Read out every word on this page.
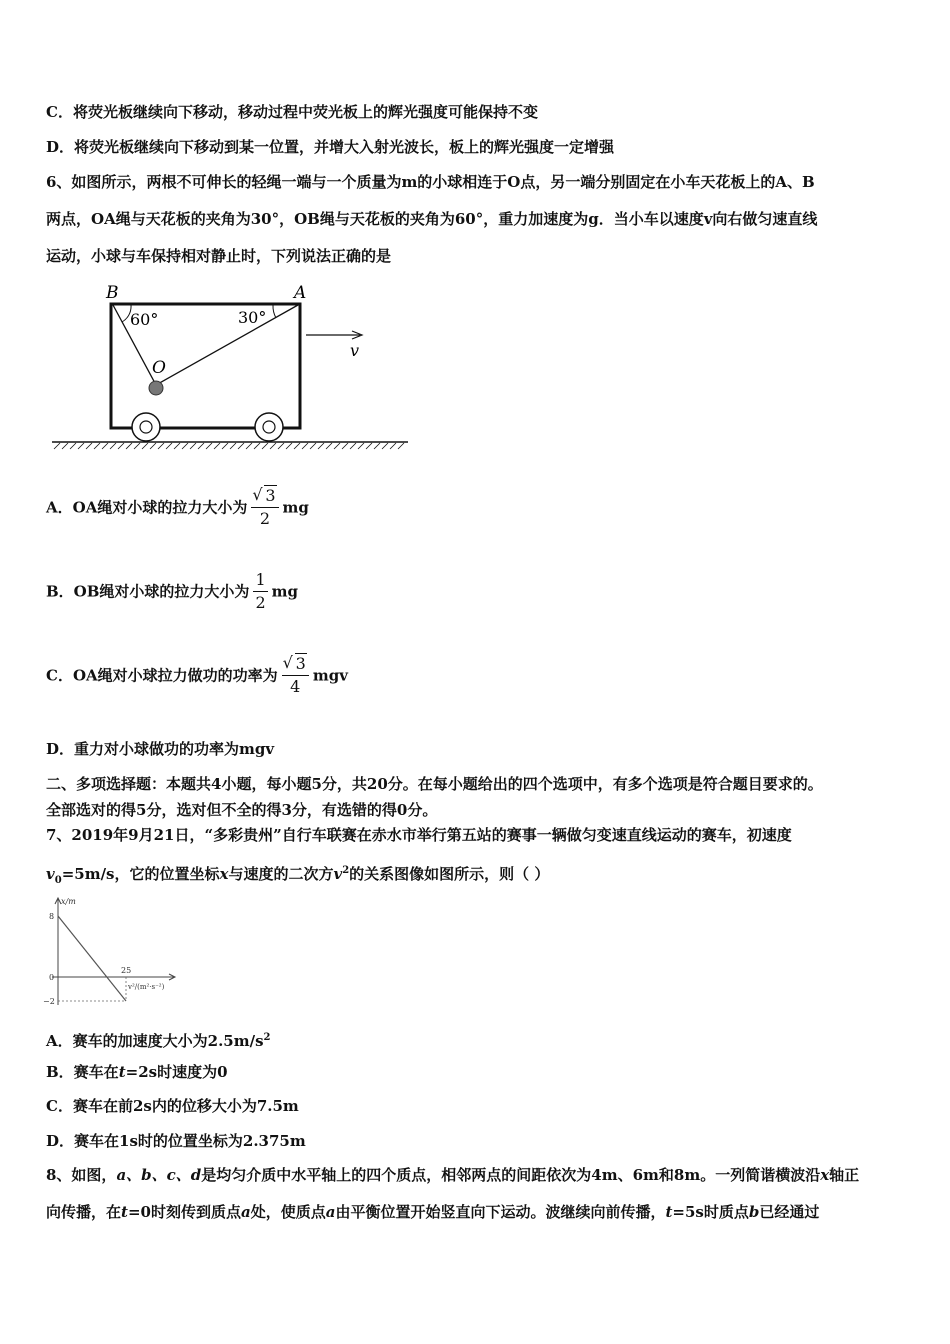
C．将荧光板继续向下移动，移动过程中荧光板上的辉光强度可能保持不变
D．将荧光板继续向下移动到某一位置，并增大入射光波长，板上的辉光强度一定增强
6、如图所示，两根不可伸长的轻绳一端与一个质量为m的小球相连于O点，另一端分别固定在小车天花板上的A、B
两点，OA绳与天花板的夹角为30°，OB绳与天花板的夹角为60°，重力加速度为g．当小车以速度v向右做匀速直线
运动，小球与车保持相对静止时，下列说法正确的是
B	A
O
60°	30°
v
A．OA绳对小球的拉力大小为 √ $\frac{3}{2}$ mg
B．OB绳对小球的拉力大小为 $\frac{1}{2}$ mg
C．OA绳对小球拉力做功的功率为 √ $\frac{3}{4}$ mgv
D．重力对小球做功的功率为mgv
二、多项选择题：本题共4小题，每小题5分，共20分。在每小题给出的四个选项中，有多个选项是符合题目要求的。
全部选对的得5分，选对但不全的得3分，有选错的得0分。
7、2019年9月21日，“多彩贵州”自行车联赛在赤水市举行第五站的赛事一辆做匀变速直线运动的赛车，初速度
$v_0=5m/s$，它的位置坐标x与速度的二次方$v^2$的关系图像如图所示，则（ ）
x/m
8
0
−2
25
v²/(m²·s⁻²)
A．赛车的加速度大小为$2.5m/s^2$
B．赛车在t=2s时速度为0
C．赛车在前2s内的位移大小为7.5m
D．赛车在1s时的位置坐标为2.375m
8、如图，a、b、c、d是均匀介质中水平轴上的四个质点，相邻两点的间距依次为4m、6m和8m。一列简谐横波沿x轴正
向传播，在t=0时刻传到质点a处，使质点a由平衡位置开始竖直向下运动。波继续向前传播，t=5s时质点b已经通过
